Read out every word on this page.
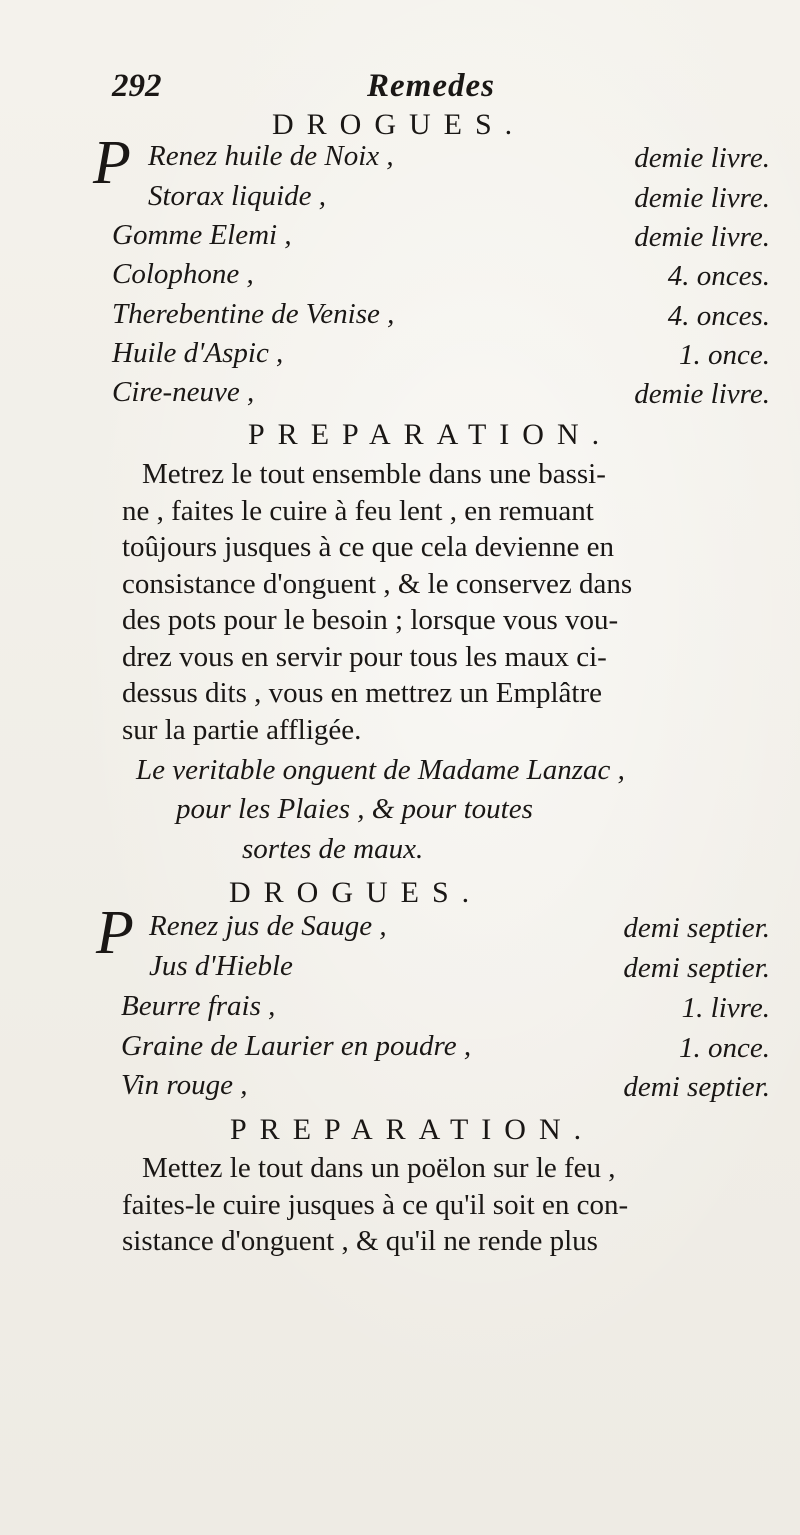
292	Remedes
DROGUES.
P Renez huile de Noix ,	demie livre.
Storax liquide ,	demie livre.
Gomme Elemi ,	demie livre.
Colophone ,	4. onces.
Therebentine de Venise ,	4. onces.
Huile d'Aspic ,	1. once.
Cire-neuve ,	demie livre.
PREPARATION.
Metrez le tout ensemble dans une bassi-
ne , faites le cuire à feu lent , en remuant
toûjours jusques à ce que cela devienne en
consistance d'onguent , & le conservez dans
des pots pour le besoin ; lorsque vous vou-
drez vous en servir pour tous les maux ci-
dessus dits , vous en mettrez un Emplâtre
sur la partie affligée.
Le veritable onguent de Madame Lanzac ,
pour les Plaies , & pour toutes
sortes de maux.
DROGUES.
P Renez jus de Sauge ,	demi septier.
Jus d'Hieble	demi septier.
Beurre frais ,	1. livre.
Graine de Laurier en poudre ,	1. once.
Vin rouge ,	demi septier.
PREPARATION.
Mettez le tout dans un poëlon sur le feu ,
faites-le cuire jusques à ce qu'il soit en con-
sistance d'onguent , & qu'il ne rende plus
